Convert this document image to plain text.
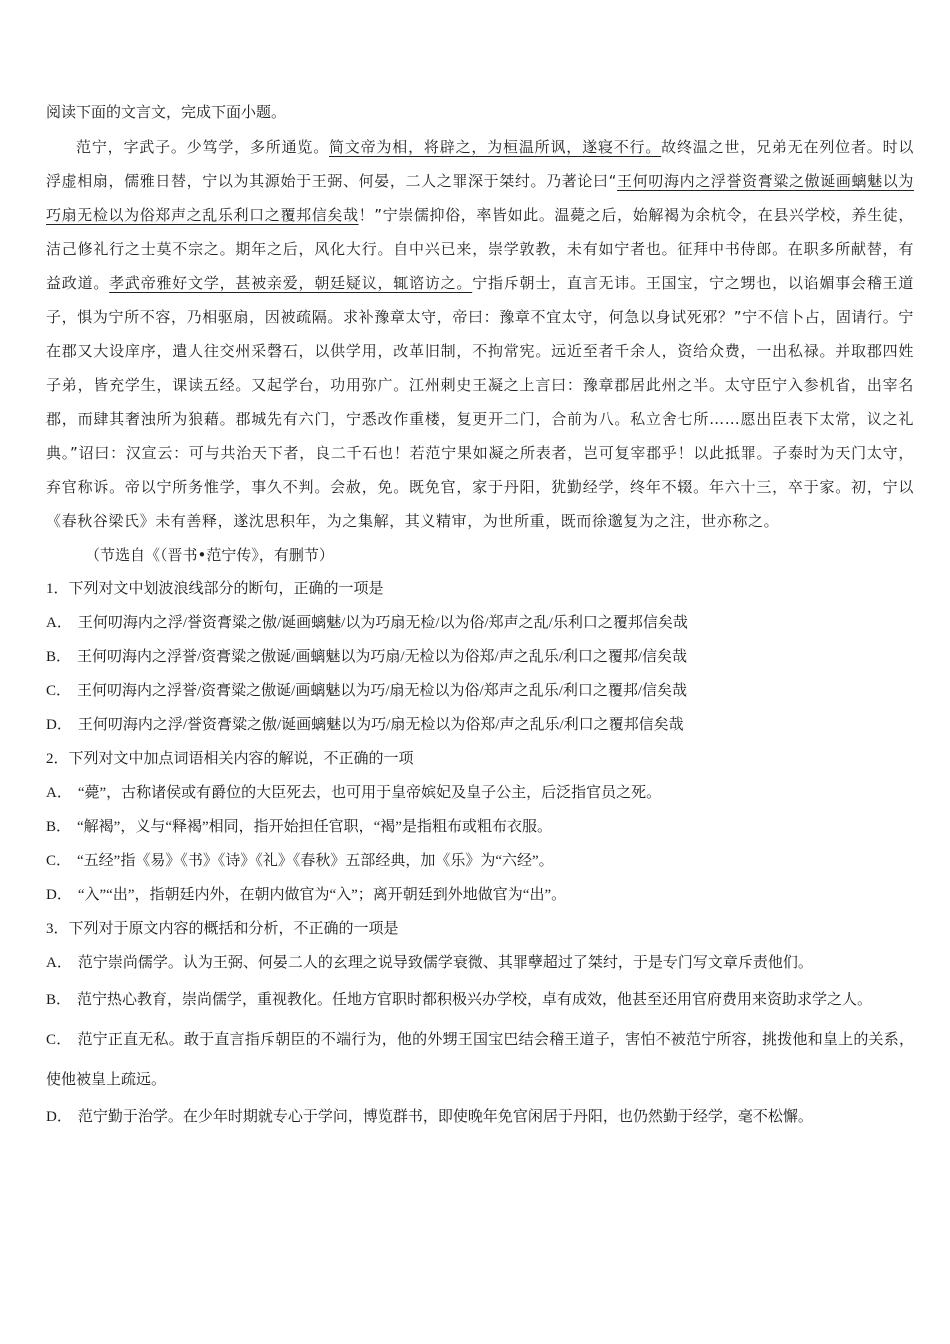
阅读下面的文言文，完成下面小题。

范宁，字武子。少笃学，多所通览。简文帝为相，将辟之，为桓温所讽，遂寝不行。故终温之世，兄弟无在列位者。时以浮虚相扇，儒雅日替，宁以为其源始于王弼、何晏，二人之罪深于桀纣。乃著论曰“王何叨海内之浮誉资膏粱之傲诞画螭魅以为巧扇无检以为俗郑声之乱乐利口之覆邦信矣哉！”宁崇儒抑俗，率皆如此。温薨之后，始解褐为余杭令，在县兴学校，养生徒，洁己修礼行之士莫不宗之。期年之后，风化大行。自中兴已来，崇学敦教，未有如宁者也。征拜中书侍郎。在职多所献替，有益政道。孝武帝雅好文学，甚被亲爱，朝廷疑议，辄谘访之。宁指斥朝士，直言无讳。王国宝，宁之甥也，以谄媚事会稽王道子，惧为宁所不容，乃相驱扇，因被疏隔。求补豫章太守，帝曰：豫章不宜太守，何急以身试死邪？”宁不信卜占，固请行。宁在郡又大设庠序，遣人往交州采磬石，以供学用，改革旧制，不拘常宪。远近至者千余人，资给众费，一出私禄。并取郡四姓子弟，皆充学生，课读五经。又起学台，功用弥广。江州刺史王凝之上言曰：豫章郡居此州之半。太守臣宁入参机省，出宰名郡，而肆其奢浊所为狼藉。郡城先有六门，宁悉改作重楼，复更开二门，合前为八。私立舍七所……愿出臣表下太常，议之礼典。”诏曰：汉宣云：可与共治天下者，良二千石也！若范宁果如凝之所表者，岂可复宰郡乎！以此抵罪。子泰时为天门太守，弃官称诉。帝以宁所务惟学，事久不判。会赦，免。既免官，家于丹阳，犹勤经学，终年不辍。年六十三，卒于家。初，宁以《春秋谷梁氏》未有善释，遂沈思积年，为之集解，其义精审，为世所重，既而徐邈复为之注，世亦称之。

（节选自《（晋书•范宁传》，有删节）

1．下列对文中划波浪线部分的断句，正确的一项是

A． 王何叨海内之浮/誉资膏粱之傲/诞画螭魅/以为巧扇无检/以为俗/郑声之乱/乐利口之覆邦信矣哉

B． 王何叨海内之浮誉/资膏粱之傲诞/画螭魅以为巧扇/无检以为俗郑/声之乱乐/利口之覆邦/信矣哉

C． 王何叨海内之浮誉/资膏粱之傲诞/画螭魅以为巧/扇无检以为俗/郑声之乱乐/利口之覆邦/信矣哉

D． 王何叨海内之浮/誉资膏粱之傲/诞画螭魅以为巧/扇无检以为俗郑/声之乱乐/利口之覆邦信矣哉

2．下列对文中加点词语相关内容的解说，不正确的一项

A． “薨”，古称诸侯或有爵位的大臣死去，也可用于皇帝嫔妃及皇子公主，后泛指官员之死。

B． “解褐”，义与“释褐”相同，指开始担任官职，“褐”是指粗布或粗布衣服。

C． “五经”指《易》《书》《诗》《礼》《春秋》五部经典，加《乐》为“六经”。

D． “入”“出”，指朝廷内外，在朝内做官为“入”；离开朝廷到外地做官为“出”。

3．下列对于原文内容的概括和分析，不正确的一项是

A． 范宁崇尚儒学。认为王弼、何晏二人的玄理之说导致儒学衰微、其罪孽超过了桀纣，于是专门写文章斥责他们。

B． 范宁热心教育，崇尚儒学，重视教化。任地方官职时都积极兴办学校，卓有成效，他甚至还用官府费用来资助求学之人。

C． 范宁正直无私。敢于直言指斥朝臣的不端行为，他的外甥王国宝巴结会稽王道子，害怕不被范宁所容，挑拨他和皇上的关系，使他被皇上疏远。

D． 范宁勤于治学。在少年时期就专心于学问，博览群书，即使晚年免官闲居于丹阳，也仍然勤于经学，毫不松懈。
